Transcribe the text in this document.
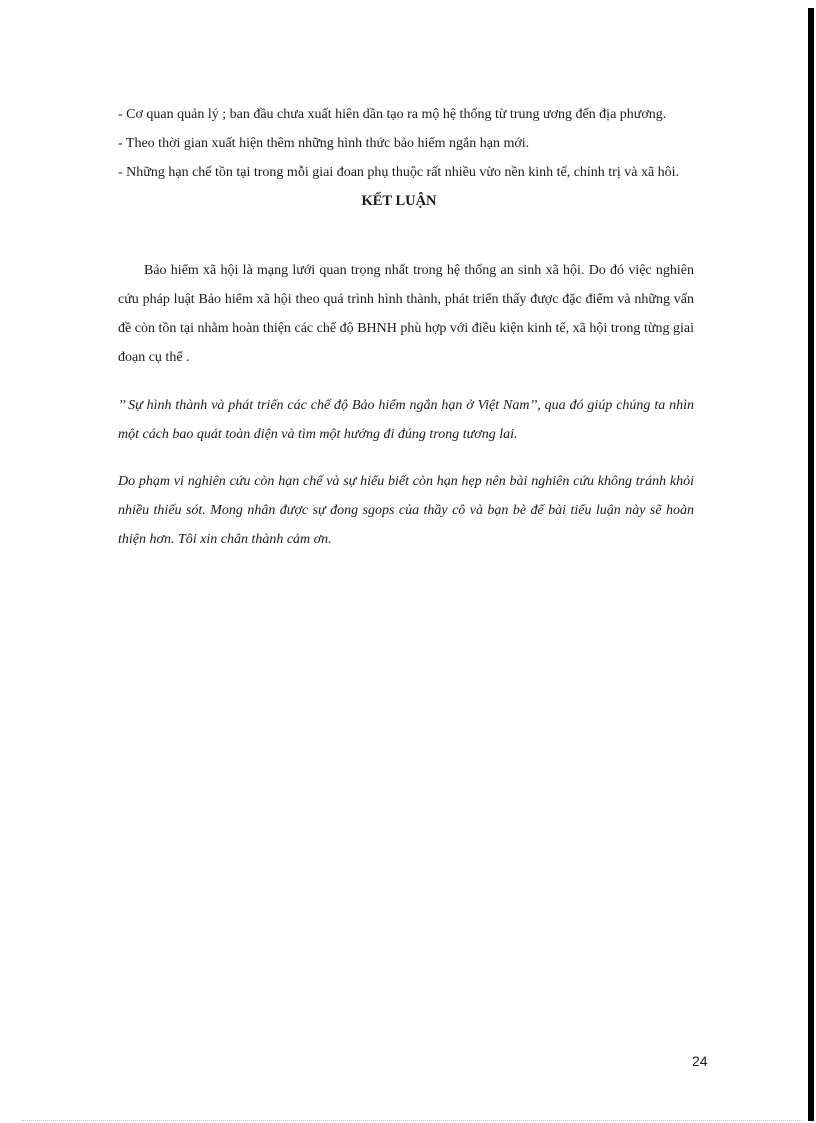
- Cơ quan quản lý ; ban đầu chưa xuất hiên dần tạo ra mộ hệ thống từ trung ương đến địa phương.

- Theo thời gian xuất hiện thêm những hình thức bảo hiểm ngắn hạn mới.

- Những hạn chế tồn tại trong mỗi giai đoan phụ thuộc rất nhiều vừo nền kinh tế, chính trị và xã hôi.

KẾT LUẬN

Bảo hiểm xã hội là mạng lưới quan trọng nhất trong hệ thống an sinh xã hội. Do đó việc nghiên cứu pháp luật Bảo hiểm xã hội theo quá trình hình thành, phát triển thấy được đặc điểm và những vấn đề còn tồn tại nhằm hoàn thiện các chế độ BHNH phù hợp với điều kiện kinh tế, xã hội trong từng giai đoạn cụ thể .

’’ Sự hình thành và phát triển các chế độ Bảo hiểm ngắn hạn ở Việt Nam’’, qua đó giúp chúng ta nhìn một cách bao quát toàn diện và tìm một hướng đi đúng trong tương lai.

Do phạm vi nghiên cứu còn hạn chế và sự hiểu biết còn hạn hẹp nên bài nghiên cứu không tránh khỏi nhiều thiếu sót. Mong nhân được sự đong sgops của thầy cô và bạn bè để bài tiểu luận này sẽ hoàn thiện hơn. Tôi xin chân thành cảm ơn.

24
